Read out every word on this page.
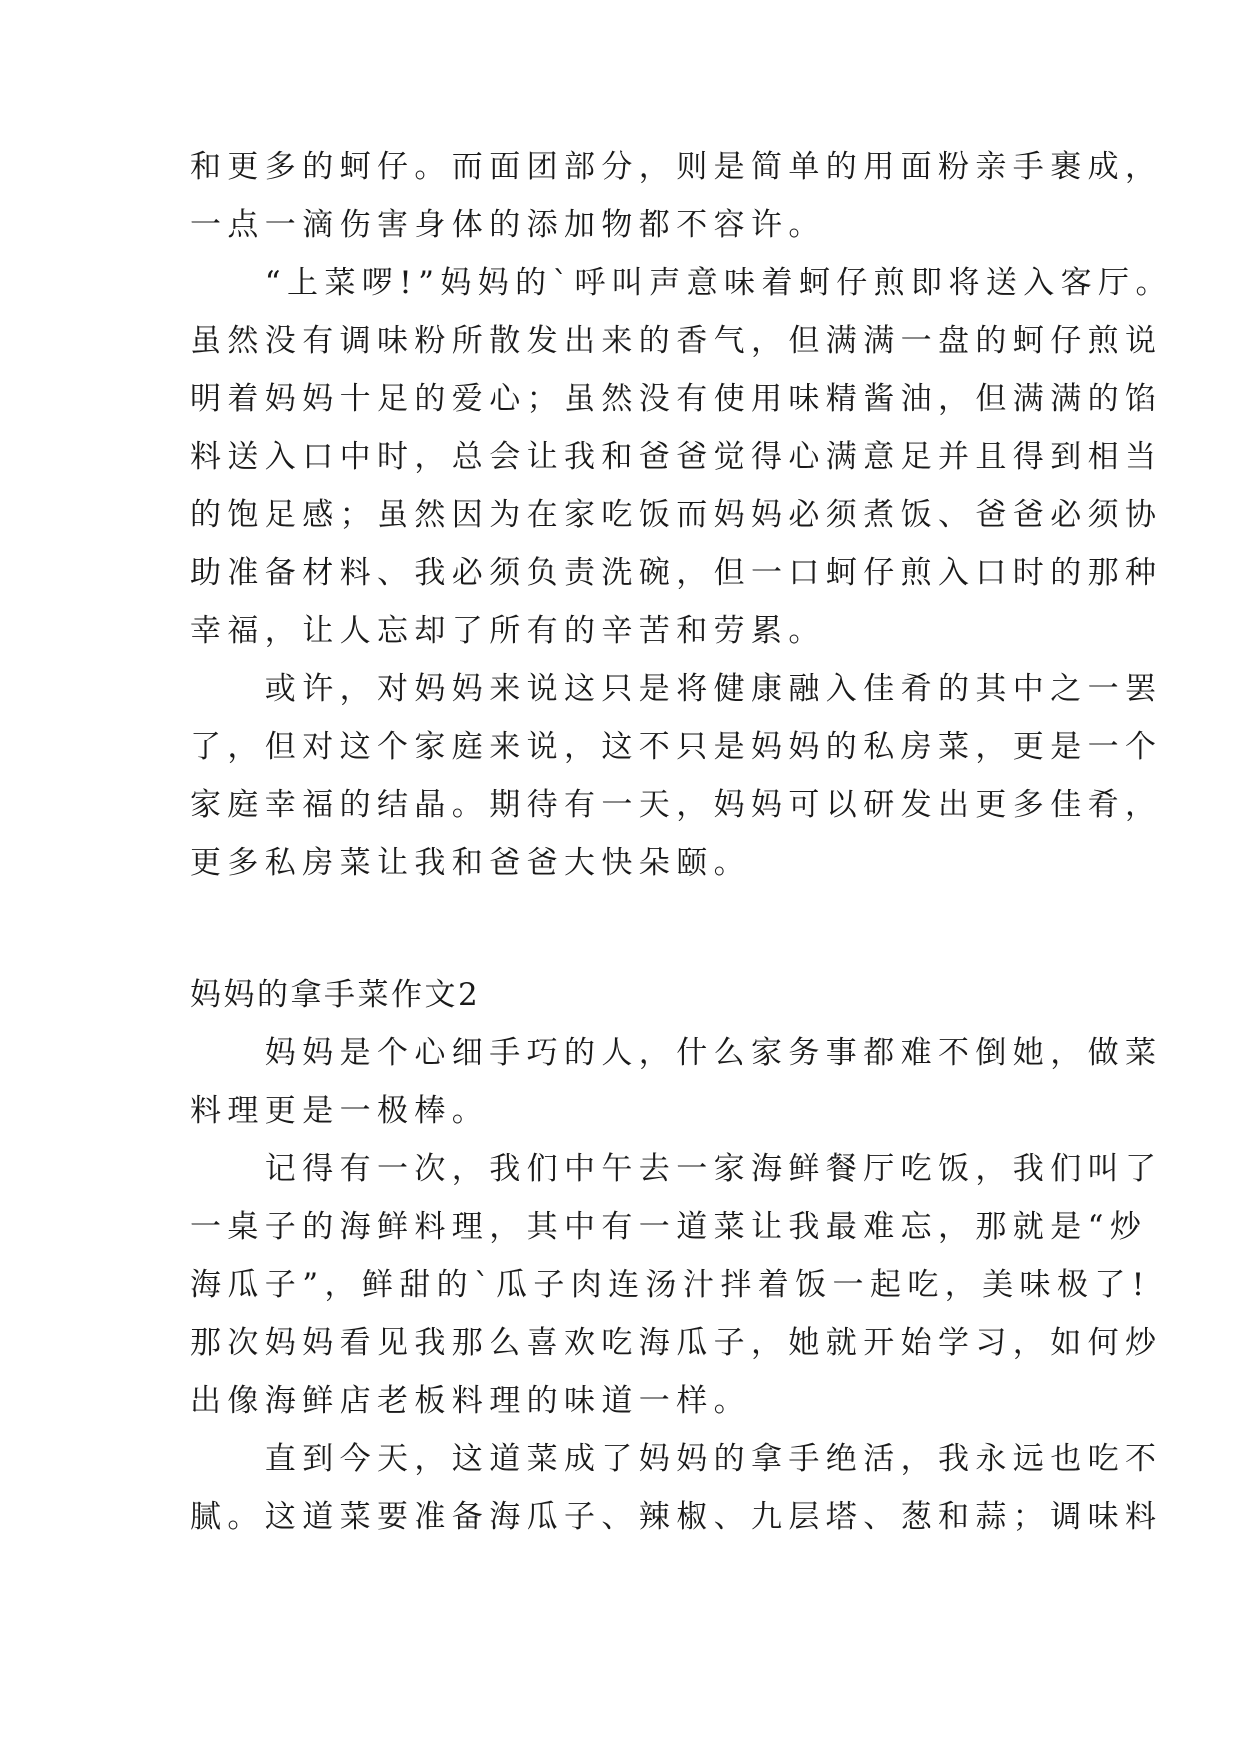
和更多的蚵仔。而面团部分，则是简单的用面粉亲手裹成，
一点一滴伤害身体的添加物都不容许。
　　“上菜啰!”妈妈的`呼叫声意味着蚵仔煎即将送入客厅。
虽然没有调味粉所散发出来的香气，但满满一盘的蚵仔煎说
明着妈妈十足的爱心；虽然没有使用味精酱油，但满满的馅
料送入口中时，总会让我和爸爸觉得心满意足并且得到相当
的饱足感；虽然因为在家吃饭而妈妈必须煮饭、爸爸必须协
助准备材料、我必须负责洗碗，但一口蚵仔煎入口时的那种
幸福，让人忘却了所有的辛苦和劳累。
　　或许，对妈妈来说这只是将健康融入佳肴的其中之一罢
了，但对这个家庭来说，这不只是妈妈的私房菜，更是一个
家庭幸福的结晶。期待有一天，妈妈可以研发出更多佳肴，
更多私房菜让我和爸爸大快朵颐。
妈妈的拿手菜作文2
　　妈妈是个心细手巧的人，什么家务事都难不倒她，做菜
料理更是一极棒。
　　记得有一次，我们中午去一家海鲜餐厅吃饭，我们叫了
一桌子的海鲜料理，其中有一道菜让我最难忘，那就是“炒
海瓜子”，鲜甜的`瓜子肉连汤汁拌着饭一起吃，美味极了!
那次妈妈看见我那么喜欢吃海瓜子，她就开始学习，如何炒
出像海鲜店老板料理的味道一样。
　　直到今天，这道菜成了妈妈的拿手绝活，我永远也吃不
腻。这道菜要准备海瓜子、辣椒、九层塔、葱和蒜；调味料
